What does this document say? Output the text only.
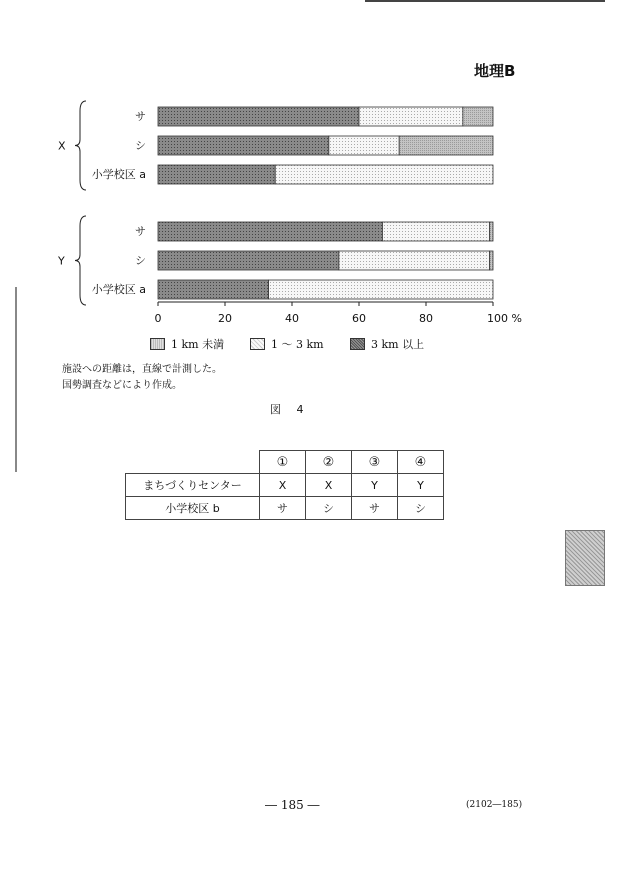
地理B
X
サ
シ
小学校区 a
Y
サ
シ
小学校区 a
0	20	40	60	80	100 %
1 km 未満	1 ～ 3 km	3 km 以上
施設への距離は，直線で計測した。
国勢調査などにより作成。
図 4
	①	②	③	④
まちづくりセンター	X	X	Y	Y
小学校区 b	サ	シ	サ	シ
― 185 ―	(2102―185)
